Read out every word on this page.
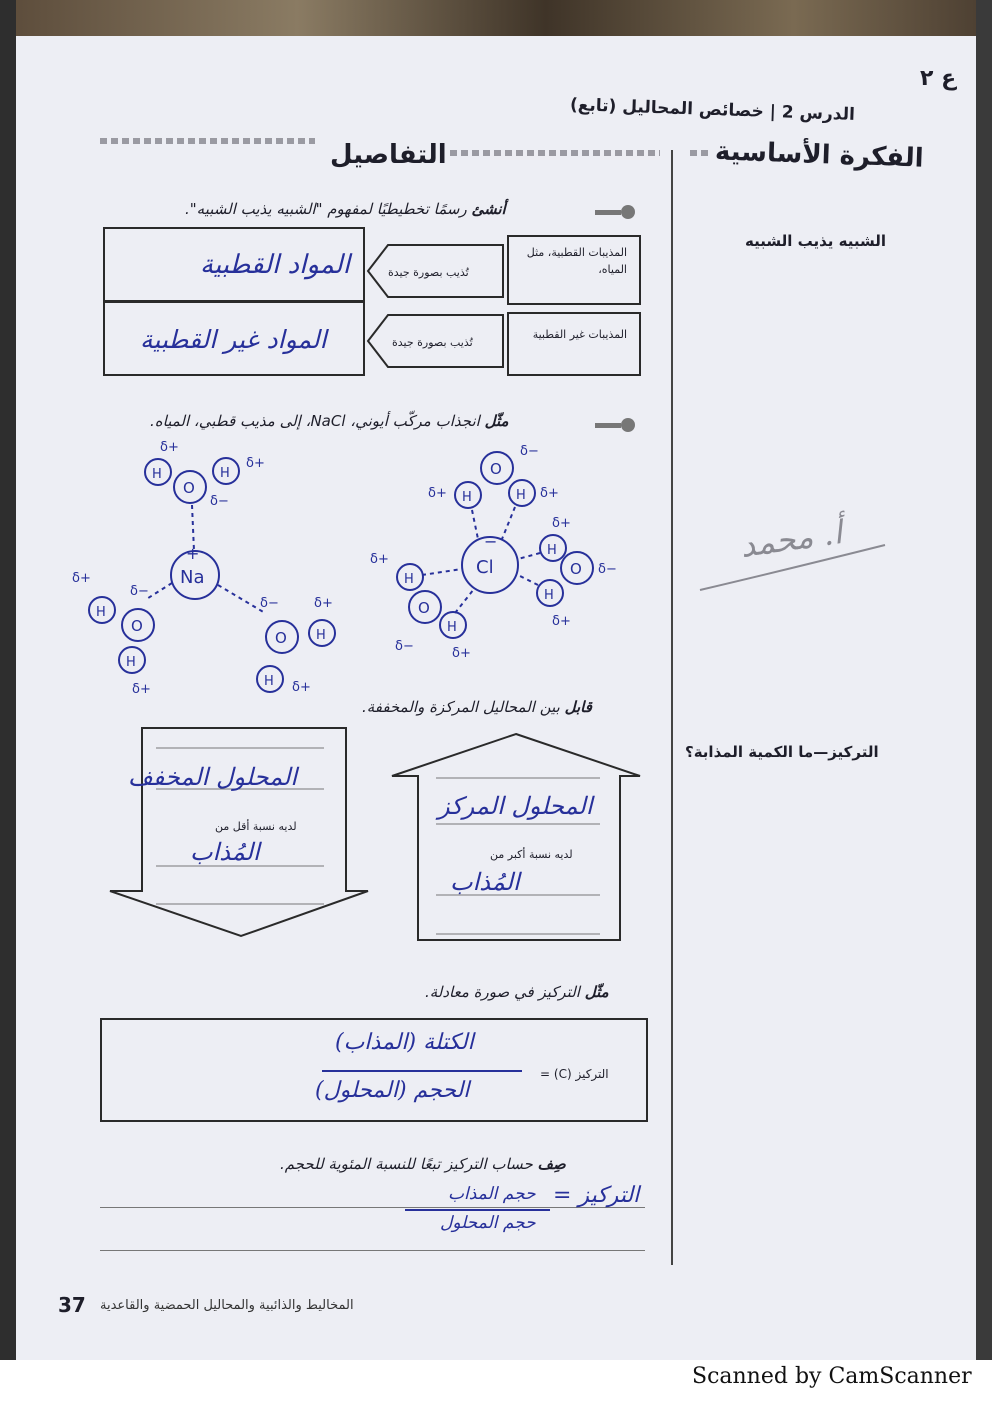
ع ٢
الدرس 2 | خصائص المحاليل (تابع)
التفاصيل	الفكرة الأساسية
الشبيه يذيب الشبيه
أ. محمد
التركيز—ما الكمية المذابة؟
أنشئ رسمًا تخطيطيًا لمفهوم "الشبيه يذيب الشبيه".
المواد القطبية	تُذيب بصورة جيدة
المذيبات القطبية، مثل المياه،
المواد غير القطبية	تُذيب بصورة جيدة
المذيبات غير القطبية
مثّل انجذاب مركّب أيوني، NaCl، إلى مذيب قطبي، المياه.
Na
+
O
H	H
δ+
δ+
δ−
O
H
H
δ+
δ−
δ+
O H
H
δ−	δ+
δ+
Cl
−
O
H	H
δ−
δ+	δ+
O
H
H
δ+
δ−
δ+
O
H
H
δ+
δ−	δ+
قابل بين المحاليل المركزة والمخففة.
المحلول المخفف
لديه نسبة أقل من
المُذاب
المحلول المركز
لديه نسبة أكبر من
المُذاب
مثّل التركيز في صورة معادلة.
التركيز (C) =
الكتلة (المذاب)
الحجم (المحلول)
صِف حساب التركيز تبعًا للنسبة المئوية للحجم.
التركيز =
حجم المذاب
حجم المحلول
المخاليط والذائبية والمحاليل الحمضية والقاعدية
37
Scanned by CamScanner
